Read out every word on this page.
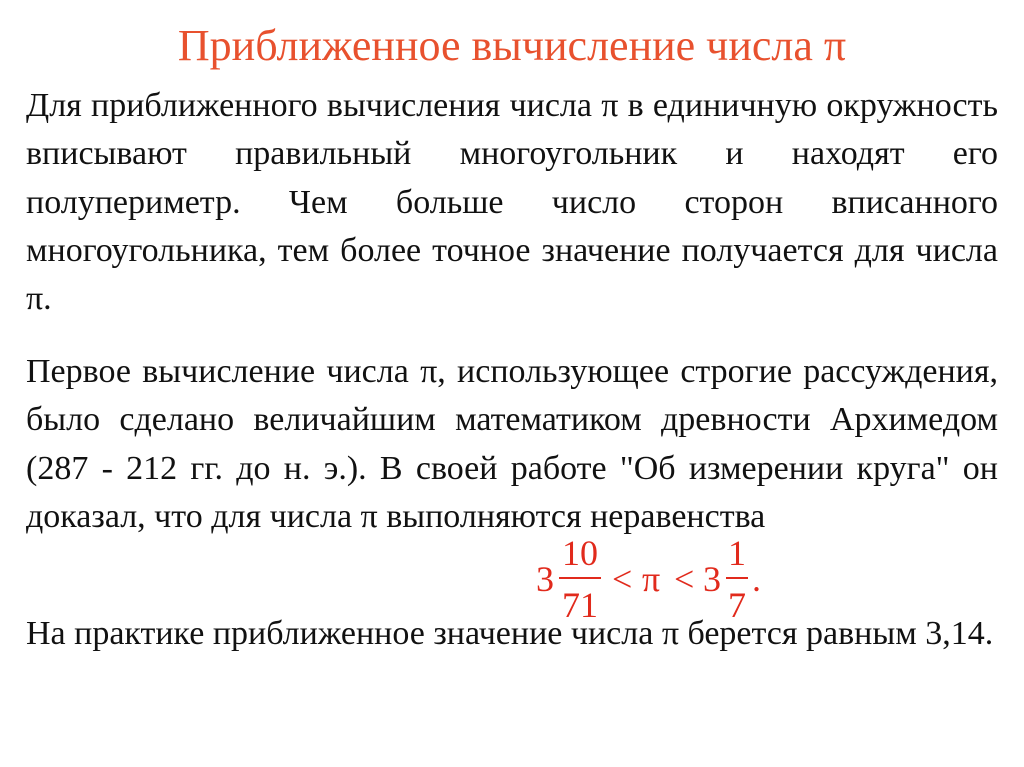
Приближенное вычисление числа π

Для приближенного вычисления числа π в единичную окружность вписывают правильный многоугольник и находят его полупериметр. Чем больше число сторон вписанного многоугольника, тем более точное значение получается для числа π.

Первое вычисление числа π, использующее строгие рассуждения, было сделано величайшим математиком древности Архимедом (287 - 212 гг. до н. э.). В своей работе "Об измерении круга" он доказал, что для числа π выполняются неравенства

3
10
71
< π < 3
1
7
.

На практике приближенное значение числа π берется равным 3,14.
